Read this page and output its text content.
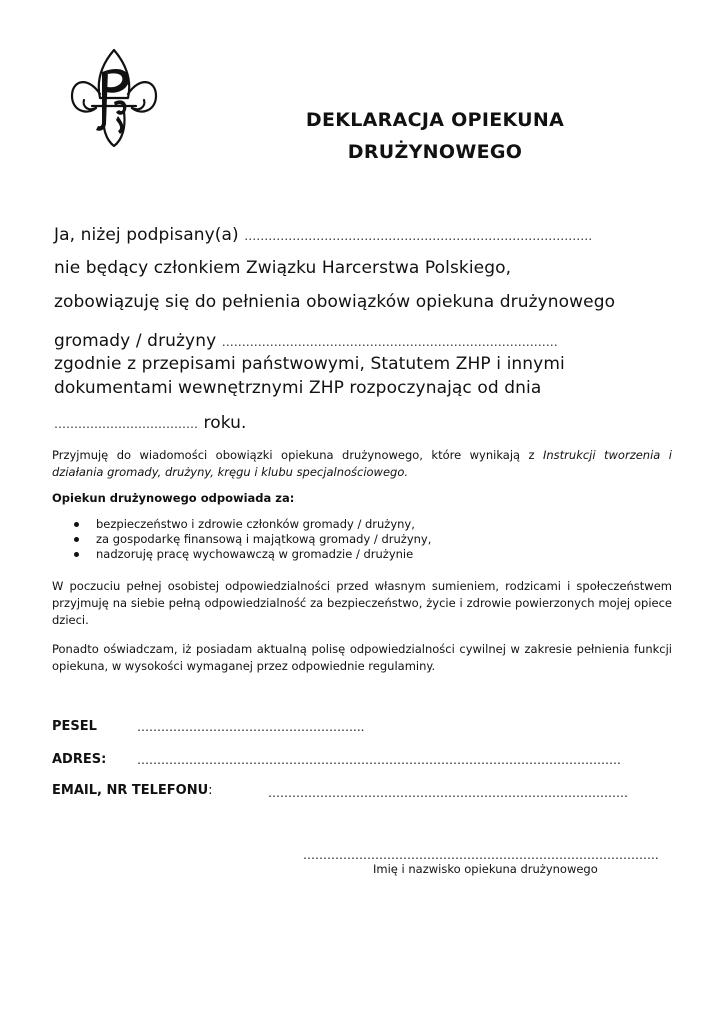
DEKLARACJA OPIEKUNA
DRUŻYNOWEGO
Ja, niżej podpisany(a) ……………………………………………………………………………
nie będący członkiem Związku Harcerstwa Polskiego,
zobowiązuję się do pełnienia obowiązków opiekuna drużynowego
gromady / drużyny …………………………………………………………………………
zgodnie z przepisami państwowymi, Statutem ZHP i innymi
dokumentami wewnętrznymi ZHP rozpoczynając od dnia
……………………………… roku.
Przyjmuję do wiadomości obowiązki opiekuna drużynowego, które wynikają z Instrukcji tworzenia i działania gromady, drużyny, kręgu i klubu specjalnościowego.
Opiekun drużynowego odpowiada za:
bezpieczeństwo i zdrowie członków gromady / drużyny,
za gospodarkę finansową i majątkową gromady / drużyny,
nadzoruję pracę wychowawczą w gromadzie / drużynie
W poczuciu pełnej osobistej odpowiedzialności przed własnym sumieniem, rodzicami i społeczeństwem przyjmuję na siebie pełną odpowiedzialność za bezpieczeństwo, życie i zdrowie powierzonych mojej opiece dzieci.
Ponadto oświadczam, iż posiadam aktualną polisę odpowiedzialności cywilnej w zakresie pełnienia funkcji opiekuna, w wysokości wymaganej przez odpowiednie regulaminy.
PESEL	………………………………………………...
ADRES:	………………………………………………………………………………………………………….
EMAIL, NR TELEFONU:	………………………………………………………………………………
……………………………………………………………………………..
Imię i nazwisko opiekuna drużynowego
